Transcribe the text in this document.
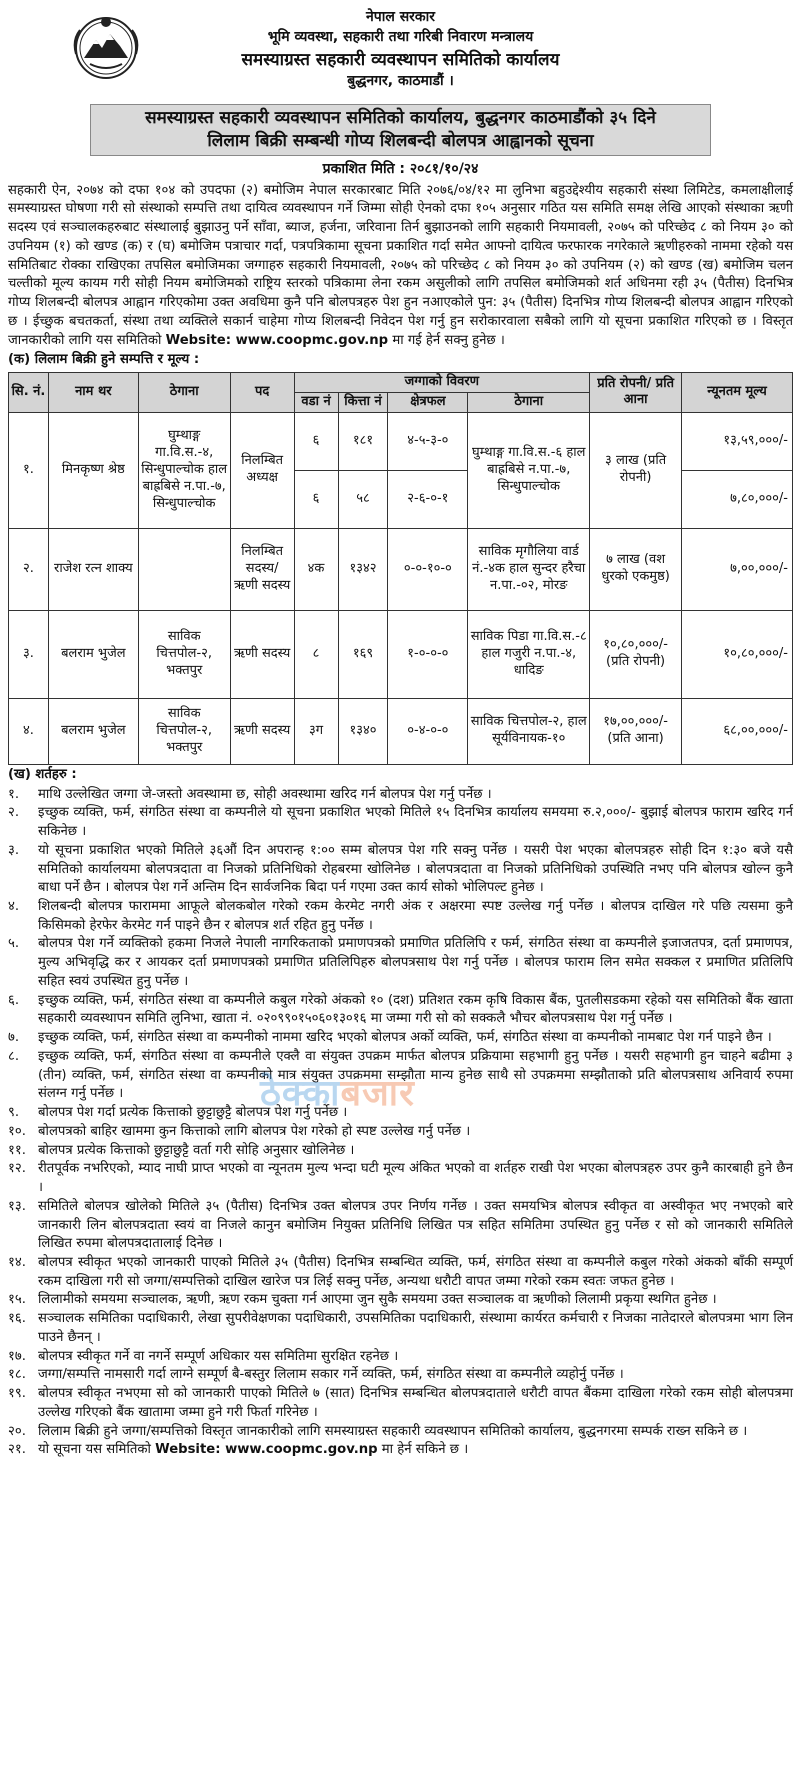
नेपाल सरकार
भूमि व्यवस्था, सहकारी तथा गरिबी निवारण मन्त्रालय
समस्याग्रस्त सहकारी व्यवस्थापन समितिको कार्यालय
बुद्धनगर, काठमाडौं ।
समस्याग्रस्त सहकारी व्यवस्थापन समितिको कार्यालय, बुद्धनगर काठमाडौंको ३५ दिने
लिलाम बिक्री सम्बन्धी गोप्य शिलबन्दी बोलपत्र आह्वानको सूचना
प्रकाशित मिति : २०८१/१०/२४

सहकारी ऐन, २०७४ को दफा १०४ को उपदफा (२) बमोजिम नेपाल सरकारबाट मिति २०७६/०४/१२ मा लुनिभा बहुउद्देश्यीय सहकारी संस्था लिमिटेड, कमलाक्षीलाई समस्याग्रस्त घोषणा गरी सो संस्थाको सम्पत्ति तथा दायित्व व्यवस्थापन गर्ने जिम्मा सोही ऐनको दफा १०५ अनुसार गठित यस समिति समक्ष लेखि आएको संस्थाका ऋणी सदस्य एवं सञ्चालकहरुबाट संस्थालाई बुझाउनु पर्ने साँवा, ब्याज, हर्जना, जरिवाना तिर्न बुझाउनको लागि सहकारी नियमावली, २०७५ को परिच्छेद ८ को नियम ३० को उपनियम (१) को खण्ड (क) र (घ) बमोजिम पत्राचार गर्दा, पत्रपत्रिकामा सूचना प्रकाशित गर्दा समेत आफ्नो दायित्व फरफारक नगरेकाले ऋणीहरुको नाममा रहेको यस समितिबाट रोक्का राखिएका तपसिल बमोजिमका जग्गाहरु सहकारी नियमावली, २०७५ को परिच्छेद ८ को नियम ३० को उपनियम (२) को खण्ड (ख) बमोजिम चलन चल्तीको मूल्य कायम गरी सोही नियम बमोजिमको राष्ट्रिय स्तरको पत्रिकामा लेना रकम असुलीको लागि तपसिल बमोजिमको शर्त अधिनमा रही ३५ (पैतीस) दिनभित्र गोप्य शिलबन्दी बोलपत्र आह्वान गरिएकोमा उक्त अवधिमा कुनै पनि बोलपत्रहरु पेश हुन नआएकोले पुन: ३५ (पैतीस) दिनभित्र गोप्य शिलबन्दी बोलपत्र आह्वान गरिएको छ । ईच्छुक बचतकर्ता, संस्था तथा व्यक्तिले सकार्न चाहेमा गोप्य शिलबन्दी निवेदन पेश गर्नु हुन सरोकारवाला सबैको लागि यो सूचना प्रकाशित गरिएको छ । विस्तृत जानकारीको लागि यस समितिको Website: www.coopmc.gov.np मा गई हेर्न सक्नु हुनेछ ।

(क) लिलाम बिक्री हुने सम्पत्ति र मूल्य :
सि. नं.	नाम थर	ठेगाना	पद	जग्गाको विवरण				प्रति रोपनी/ प्रति आना	न्यूनतम मूल्य
				वडा नं	कित्ता नं	क्षेत्रफल	ठेगाना		
१.	मिनकृष्ण श्रेष्ठ	घुम्थाङ्ग गा.वि.स.-४, सिन्धुपाल्चोक हाल बाह्रबिसे न.पा.-७, सिन्धुपाल्चोक	निलम्बित अध्यक्ष	६	१८१	४-५-३-०	घुम्थाङ्ग गा.वि.स.-६ हाल बाह्रबिसे न.पा.-७, सिन्धुपाल्चोक	३ लाख (प्रति रोपनी)	१३,५९,०००/-
				६	५८	२-६-०-१			७,८०,०००/-
२.	राजेश रत्न शाक्य		निलम्बित सदस्य/ ऋणी सदस्य	४क	१३४२	०-०-१०-०	साविक मृगौलिया वार्ड नं.-४क हाल सुन्दर हरैचा न.पा.-०२, मोरङ	७ लाख (वश धुरको एकमुष्ठ)	७,००,०००/-
३.	बलराम भुजेल	साविक चित्तपोल-२, भक्तपुर	ऋणी सदस्य	८	१६९	१-०-०-०	साविक पिडा गा.वि.स.-८ हाल गजुरी न.पा.-४, धादिङ	१०,८०,०००/- (प्रति रोपनी)	१०,८०,०००/-
४.	बलराम भुजेल	साविक चित्तपोल-२, भक्तपुर	ऋणी सदस्य	३ग	१३४०	०-४-०-०	साविक चित्तपोल-२, हाल सूर्यविनायक-१०	१७,००,०००/- (प्रति आना)	६८,००,०००/-
ठेक्काबजार
(ख) शर्तहरु :
१.	माथि उल्लेखित जग्गा जे-जस्तो अवस्थामा छ, सोही अवस्थामा खरिद गर्न बोलपत्र पेश गर्नु पर्नेछ ।
२.	इच्छुक व्यक्ति, फर्म, संगठित संस्था वा कम्पनीले यो सूचना प्रकाशित भएको मितिले १५ दिनभित्र कार्यालय समयमा रु.२,०००/- बुझाई बोलपत्र फाराम खरिद गर्न सकिनेछ ।
३.	यो सूचना प्रकाशित भएको मितिले ३६औं दिन अपरान्ह १:०० सम्म बोलपत्र पेश गरि सक्नु पर्नेछ । यसरी पेश भएका बोलपत्रहरु सोही दिन १:३० बजे यसै समितिको कार्यालयमा बोलपत्रदाता वा निजको प्रतिनिधिको रोहबरमा खोलिनेछ । बोलपत्रदाता वा निजको प्रतिनिधिको उपस्थिति नभए पनि बोलपत्र खोल्न कुनै बाधा पर्ने छैन । बोलपत्र पेश गर्ने अन्तिम दिन सार्वजनिक बिदा पर्न गएमा उक्त कार्य सोको भोलिपल्ट हुनेछ ।
४.	शिलबन्दी बोलपत्र फाराममा आफूले बोलकबोल गरेको रकम केरमेट नगरी अंक र अक्षरमा स्पष्ट उल्लेख गर्नु पर्नेछ । बोलपत्र दाखिल गरे पछि त्यसमा कुनै किसिमको हेरफेर केरमेट गर्न पाइने छैन र बोलपत्र शर्त रहित हुनु पर्नेछ ।
५.	बोलपत्र पेश गर्ने व्यक्तिको हकमा निजले नेपाली नागरिकताको प्रमाणपत्रको प्रमाणित प्रतिलिपि र फर्म, संगठित संस्था वा कम्पनीले इजाजतपत्र, दर्ता प्रमाणपत्र, मुल्य अभिवृद्धि कर र आयकर दर्ता प्रमाणपत्रको प्रमाणित प्रतिलिपिहरु बोलपत्रसाथ पेश गर्नु पर्नेछ । बोलपत्र फाराम लिन समेत सक्कल र प्रमाणित प्रतिलिपि सहित स्वयं उपस्थित हुनु पर्नेछ ।
६.	इच्छुक व्यक्ति, फर्म, संगठित संस्था वा कम्पनीले कबुल गरेको अंकको १० (दश) प्रतिशत रकम कृषि विकास बैंक, पुतलीसडकमा रहेको यस समितिको बैंक खाता सहकारी व्यवस्थापन समिति लुनिभा, खाता नं. ०२०९९०१५०६०१३०१६ मा जम्मा गरी सो को सक्कलै भौचर बोलपत्रसाथ पेश गर्नु पर्नेछ ।
७.	इच्छुक व्यक्ति, फर्म, संगठित संस्था वा कम्पनीको नाममा खरिद भएको बोलपत्र अर्को व्यक्ति, फर्म, संगठित संस्था वा कम्पनीको नामबाट पेश गर्न पाइने छैन ।
८.	इच्छुक व्यक्ति, फर्म, संगठित संस्था वा कम्पनीले एक्लै वा संयुक्त उपक्रम मार्फत बोलपत्र प्रक्रियामा सहभागी हुनु पर्नेछ । यसरी सहभागी हुन चाहने बढीमा ३ (तीन) व्यक्ति, फर्म, संगठित संस्था वा कम्पनीको मात्र संयुक्त उपक्रममा सम्झौता मान्य हुनेछ साथै सो उपक्रममा सम्झौताको प्रति बोलपत्रसाथ अनिवार्य रुपमा संलग्न गर्नु पर्नेछ ।
९.	बोलपत्र पेश गर्दा प्रत्येक कित्ताको छुट्टाछुट्टै बोलपत्र पेश गर्नु पर्नेछ ।
१०. बोलपत्रको बाहिर खाममा कुन कित्ताको लागि बोलपत्र पेश गरेको हो स्पष्ट उल्लेख गर्नु पर्नेछ ।
११. बोलपत्र प्रत्येक कित्ताको छुट्टाछुट्टै वर्ता गरी सोहि अनुसार खोलिनेछ ।
१२. रीतपूर्वक नभरिएको, म्याद नाघी प्राप्त भएको वा न्यूनतम मुल्य भन्दा घटी मूल्य अंकित भएको वा शर्तहरु राखी पेश भएका बोलपत्रहरु उपर कुनै कारबाही हुने छैन ।
१३. समितिले बोलपत्र खोलेको मितिले ३५ (पैतीस) दिनभित्र उक्त बोलपत्र उपर निर्णय गर्नेछ । उक्त समयभित्र बोलपत्र स्वीकृत वा अस्वीकृत भए नभएको बारे जानकारी लिन बोलपत्रदाता स्वयं वा निजले कानुन बमोजिम नियुक्त प्रतिनिधि लिखित पत्र सहित समितिमा उपस्थित हुनु पर्नेछ र सो को जानकारी समितिले लिखित रुपमा बोलपत्रदातालाई दिनेछ ।
१४. बोलपत्र स्वीकृत भएको जानकारी पाएको मितिले ३५ (पैतीस) दिनभित्र सम्बन्धित व्यक्ति, फर्म, संगठित संस्था वा कम्पनीले कबुल गरेको अंकको बाँकी सम्पूर्ण रकम दाखिला गरी सो जग्गा/सम्पत्तिको दाखिल खारेज पत्र लिई सक्नु पर्नेछ, अन्यथा धरौटी वापत जम्मा गरेको रकम स्वतः जफत हुनेछ ।
१५. लिलामीको समयमा सञ्चालक, ऋणी, ऋण रकम चुक्ता गर्न आएमा जुन सुकै समयमा उक्त सञ्चालक वा ऋणीको लिलामी प्रकृया स्थगित हुनेछ ।
१६. सञ्चालक समितिका पदाधिकारी, लेखा सुपरीवेक्षणका पदाधिकारी, उपसमितिका पदाधिकारी, संस्थामा कार्यरत कर्मचारी र निजका नातेदारले बोलपत्रमा भाग लिन पाउने छैनन् ।
१७. बोलपत्र स्वीकृत गर्ने वा नगर्ने सम्पूर्ण अधिकार यस समितिमा सुरक्षित रहनेछ ।
१८. जग्गा/सम्पत्ति नामसारी गर्दा लाग्ने सम्पूर्ण बै-बस्तुर लिलाम सकार गर्ने व्यक्ति, फर्म, संगठित संस्था वा कम्पनीले व्यहोर्नु पर्नेछ ।
१९. बोलपत्र स्वीकृत नभएमा सो को जानकारी पाएको मितिले ७ (सात) दिनभित्र सम्बन्धित बोलपत्रदाताले धरौटी वापत बैंकमा दाखिला गरेको रकम सोही बोलपत्रमा उल्लेख गरिएको बैंक खातामा जम्मा हुने गरी फिर्ता गरिनेछ ।
२०. लिलाम बिक्री हुने जग्गा/सम्पत्तिको विस्तृत जानकारीको लागि समस्याग्रस्त सहकारी व्यवस्थापन समितिको कार्यालय, बुद्धनगरमा सम्पर्क राख्न सकिने छ ।
२१. यो सूचना यस समितिको Website: www.coopmc.gov.np मा हेर्न सकिने छ ।
